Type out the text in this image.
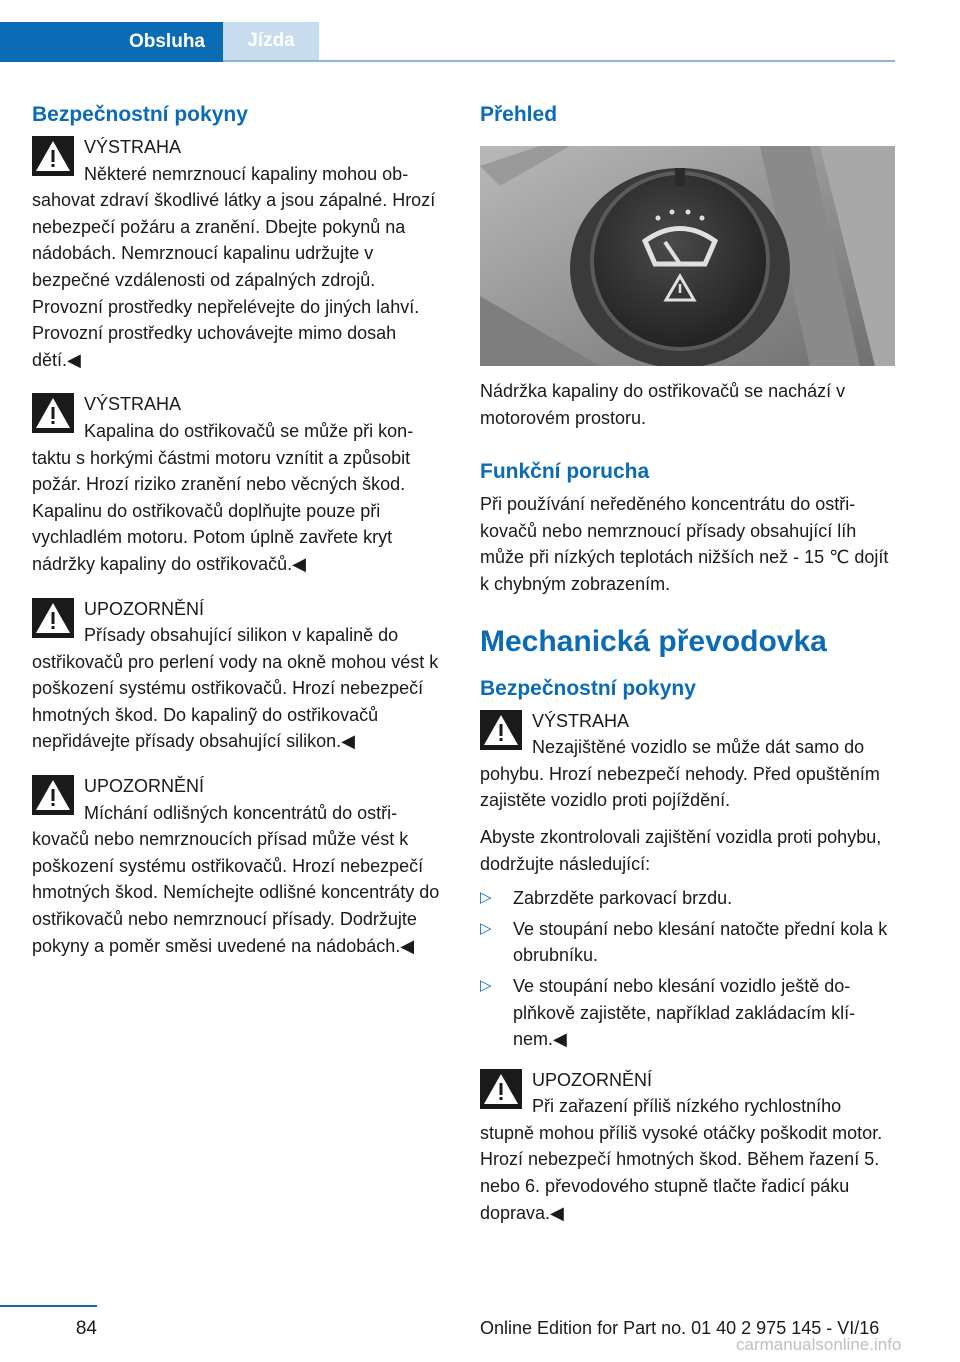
Obsluha	Jízda
Bezpečnostní pokyny
VÝSTRAHA
Některé nemrznoucí kapaliny mohou obsahovat zdraví škodlivé látky a jsou zápalné. Hrozí nebezpečí požáru a zranění. Dbejte pokynů na nádobách. Nemrznoucí kapalinu udržujte v bezpečné vzdálenosti od zápalných zdrojů. Provozní prostředky nepřelévejte do jiných lahví. Provozní prostředky uchovávejte mimo dosah dětí.◀
VÝSTRAHA
Kapalina do ostřikovačů se může při kontaktu s horkými částmi motoru vznítit a způsobit požár. Hrozí riziko zranění nebo věcných škod. Kapalinu do ostřikovačů doplňujte pouze při vychladlém motoru. Potom úplně zavřete kryt nádržky kapaliny do ostřikovačů.◀
UPOZORNĚNÍ
Přísady obsahující silikon v kapalině do ostřikovačů pro perlení vody na okně mohou vést k poškození systému ostřikovačů. Hrozí nebezpečí hmotných škod. Do kapalinỹ do ostřikovačů nepřidávejte přísady obsahující silikon.◀
UPOZORNĚNÍ
Míchání odlišných koncentrátů do ostřikovačů nebo nemrznoucích přísad může vést k poškození systému ostřikovačů. Hrozí nebezpečí hmotných škod. Nemíchejte odlišné koncentráty do ostřikovačů nebo nemrznoucí přísady. Dodržujte pokyny a poměr směsi uvedené na nádobách.◀
Přehled

Nádržka kapaliny do ostřikovačů se nachází v motorovém prostoru.

Funkční porucha

Při používání neředěného koncentrátu do ostřikovačů nebo nemrznoucí přísady obsahující líh může při nízkých teplotách nižších než - 15 ℃ dojít k chybným zobrazením.

Mechanická převodovka
Bezpečnostní pokyny
VÝSTRAHA
Nezajištěné vozidlo se může dát samo do pohybu. Hrozí nebezpečí nehody. Před opuštěním zajistěte vozidlo proti pojíždění.

Abyste zkontrolovali zajištění vozidla proti pohybu, dodržujte následující:

▷ Zabrzděte parkovací brzdu.
▷ Ve stoupání nebo klesání natočte přední kola k obrubníku.
▷ Ve stoupání nebo klesání vozidlo ještě doplňkově zajistěte, například zakládacím klínem.◀
UPOZORNĚNÍ
Při zařazení příliš nízkého rychlostního stupně mohou příliš vysoké otáčky poškodit motor. Hrozí nebezpečí hmotných škod. Během řazení 5. nebo 6. převodového stupně tlačte řadicí páku doprava.◀
84	Online Edition for Part no. 01 40 2 975 145 - VI/16
carmanualsonline.info
